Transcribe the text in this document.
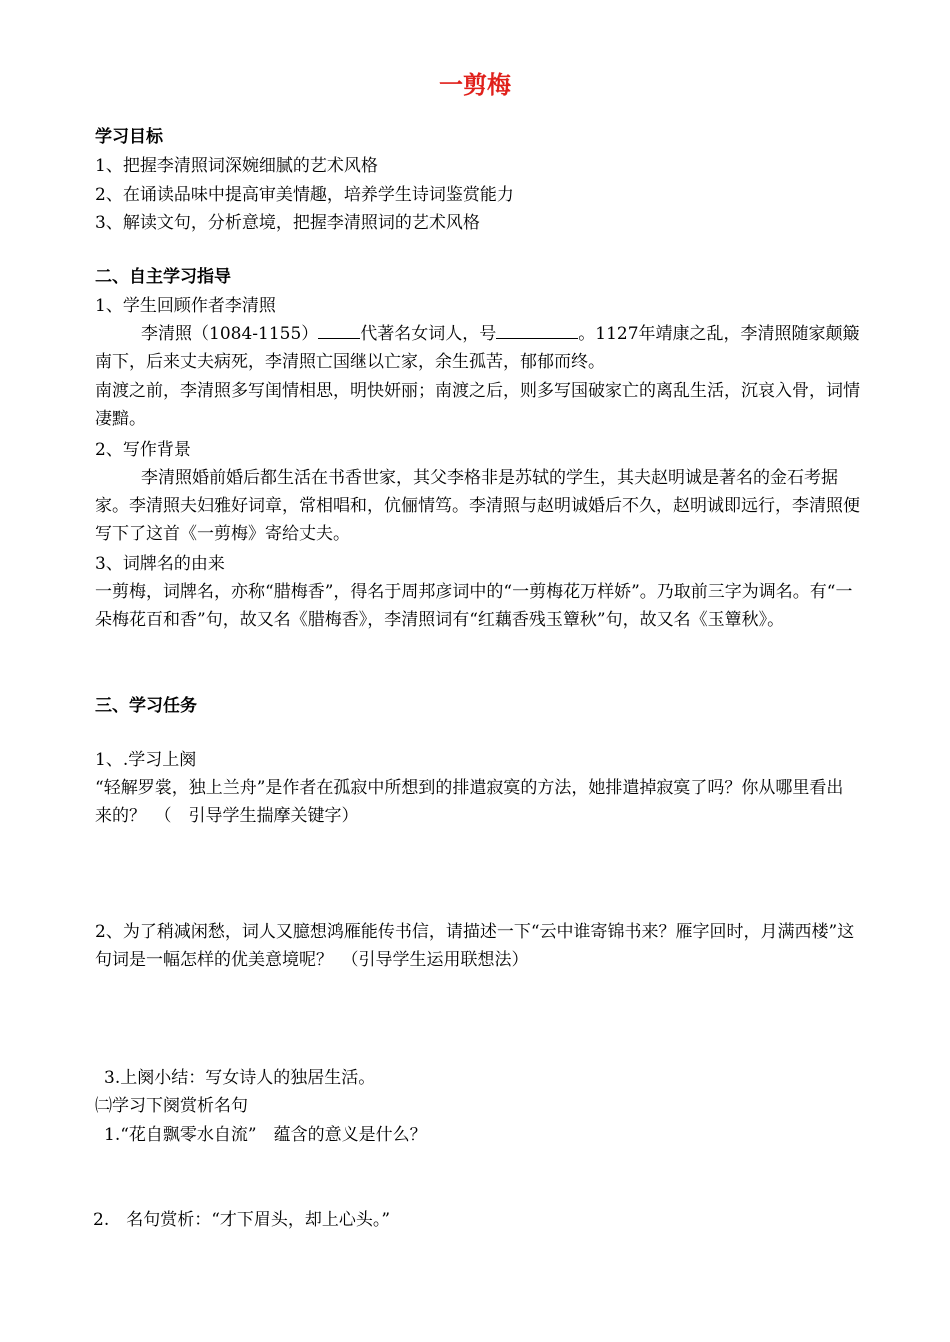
一剪梅
学习目标
1、把握李清照词深婉细腻的艺术风格
2、在诵读品味中提高审美情趣，培养学生诗词鉴赏能力
3、解读文句，分析意境，把握李清照词的艺术风格
二、自主学习指导
1、学生回顾作者李清照
李清照（1084-1155） 代著名女词人，号	。1127年靖康之乱，李清照随家颠簸南下，后来丈夫病死，李清照亡国继以亡家，余生孤苦，郁郁而终。
南渡之前，李清照多写闺情相思，明快妍丽；南渡之后，则多写国破家亡的离乱生活，沉哀入骨，词情凄黯。
2、写作背景
李清照婚前婚后都生活在书香世家，其父李格非是苏轼的学生，其夫赵明诚是著名的金石考据家。李清照夫妇雅好词章，常相唱和，伉俪情笃。李清照与赵明诚婚后不久，赵明诚即远行，李清照便写下了这首《一剪梅》寄给丈夫。
3、词牌名的由来
一剪梅，词牌名，亦称“腊梅香”，得名于周邦彦词中的“一剪梅花万样娇”。乃取前三字为调名。有“一朵梅花百和香”句，故又名《腊梅香》，李清照词有“红藕香残玉簟秋”句，故又名《玉簟秋》。
三、学习任务
1、.学习上阕
“轻解罗裳，独上兰舟”是作者在孤寂中所想到的排遣寂寞的方法，她排遣掉寂寞了吗？你从哪里看出来的？　（　引导学生揣摩关键字）
2、为了稍减闲愁，词人又臆想鸿雁能传书信，请描述一下“云中谁寄锦书来？雁字回时，月满西楼”这句词是一幅怎样的优美意境呢？　（引导学生运用联想法）
3.上阕小结：写女诗人的独居生活。
㈡学习下阕赏析名句
1.“花自飘零水自流”　蕴含的意义是什么？
2.　名句赏析：“才下眉头，却上心头。”
